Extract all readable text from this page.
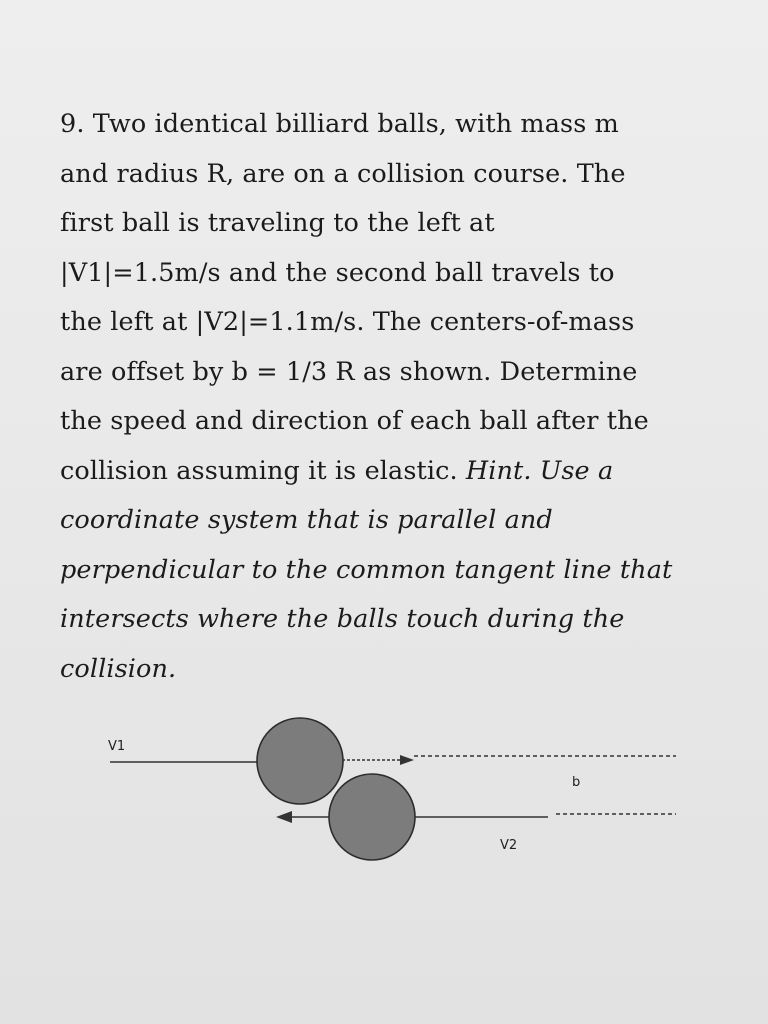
9. Two identical billiard balls, with mass m
and radius R, are on a collision course. The
first ball is traveling to the left at
|V1|=1.5m/s and the second ball travels to
the left at |V2|=1.1m/s. The centers-of-mass
are offset by b = 1/3 R as shown. Determine
the speed and direction of each ball after the
collision assuming it is elastic. Hint. Use a
coordinate system that is parallel and
perpendicular to the common tangent line that
intersects where the balls touch during the
collision.
V1
V2
b
